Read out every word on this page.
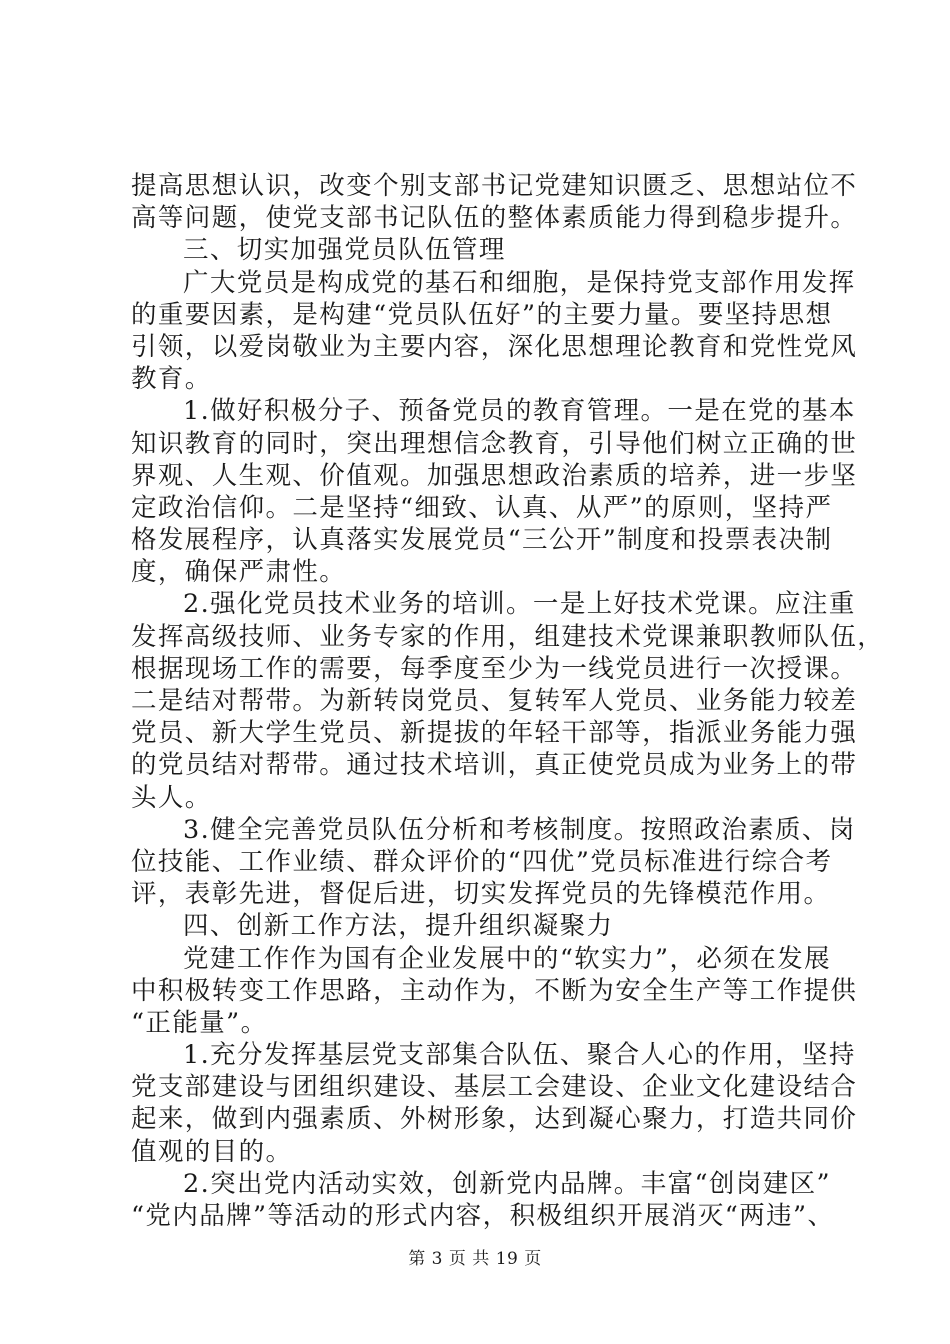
提高思想认识，改变个别支部书记党建知识匮乏、思想站位不
高等问题，使党支部书记队伍的整体素质能力得到稳步提升。
三、切实加强党员队伍管理
广大党员是构成党的基石和细胞，是保持党支部作用发挥
的重要因素，是构建“党员队伍好”的主要力量。要坚持思想
引领，以爱岗敬业为主要内容，深化思想理论教育和党性党风
教育。
1.做好积极分子、预备党员的教育管理。一是在党的基本
知识教育的同时，突出理想信念教育，引导他们树立正确的世
界观、人生观、价值观。加强思想政治素质的培养，进一步坚
定政治信仰。二是坚持“细致、认真、从严”的原则，坚持严
格发展程序，认真落实发展党员“三公开”制度和投票表决制
度，确保严肃性。
2.强化党员技术业务的培训。一是上好技术党课。应注重
发挥高级技师、业务专家的作用，组建技术党课兼职教师队伍，
根据现场工作的需要，每季度至少为一线党员进行一次授课。
二是结对帮带。为新转岗党员、复转军人党员、业务能力较差
党员、新大学生党员、新提拔的年轻干部等，指派业务能力强
的党员结对帮带。通过技术培训，真正使党员成为业务上的带
头人。
3.健全完善党员队伍分析和考核制度。按照政治素质、岗
位技能、工作业绩、群众评价的“四优”党员标准进行综合考
评，表彰先进，督促后进，切实发挥党员的先锋模范作用。
四、创新工作方法，提升组织凝聚力
党建工作作为国有企业发展中的“软实力”，必须在发展
中积极转变工作思路，主动作为，不断为安全生产等工作提供
“正能量”。
1.充分发挥基层党支部集合队伍、聚合人心的作用，坚持
党支部建设与团组织建设、基层工会建设、企业文化建设结合
起来，做到内强素质、外树形象，达到凝心聚力，打造共同价
值观的目的。
2.突出党内活动实效，创新党内品牌。丰富“创岗建区”
“党内品牌”等活动的形式内容，积极组织开展消灭“两违”、
第 3 页 共 19 页
